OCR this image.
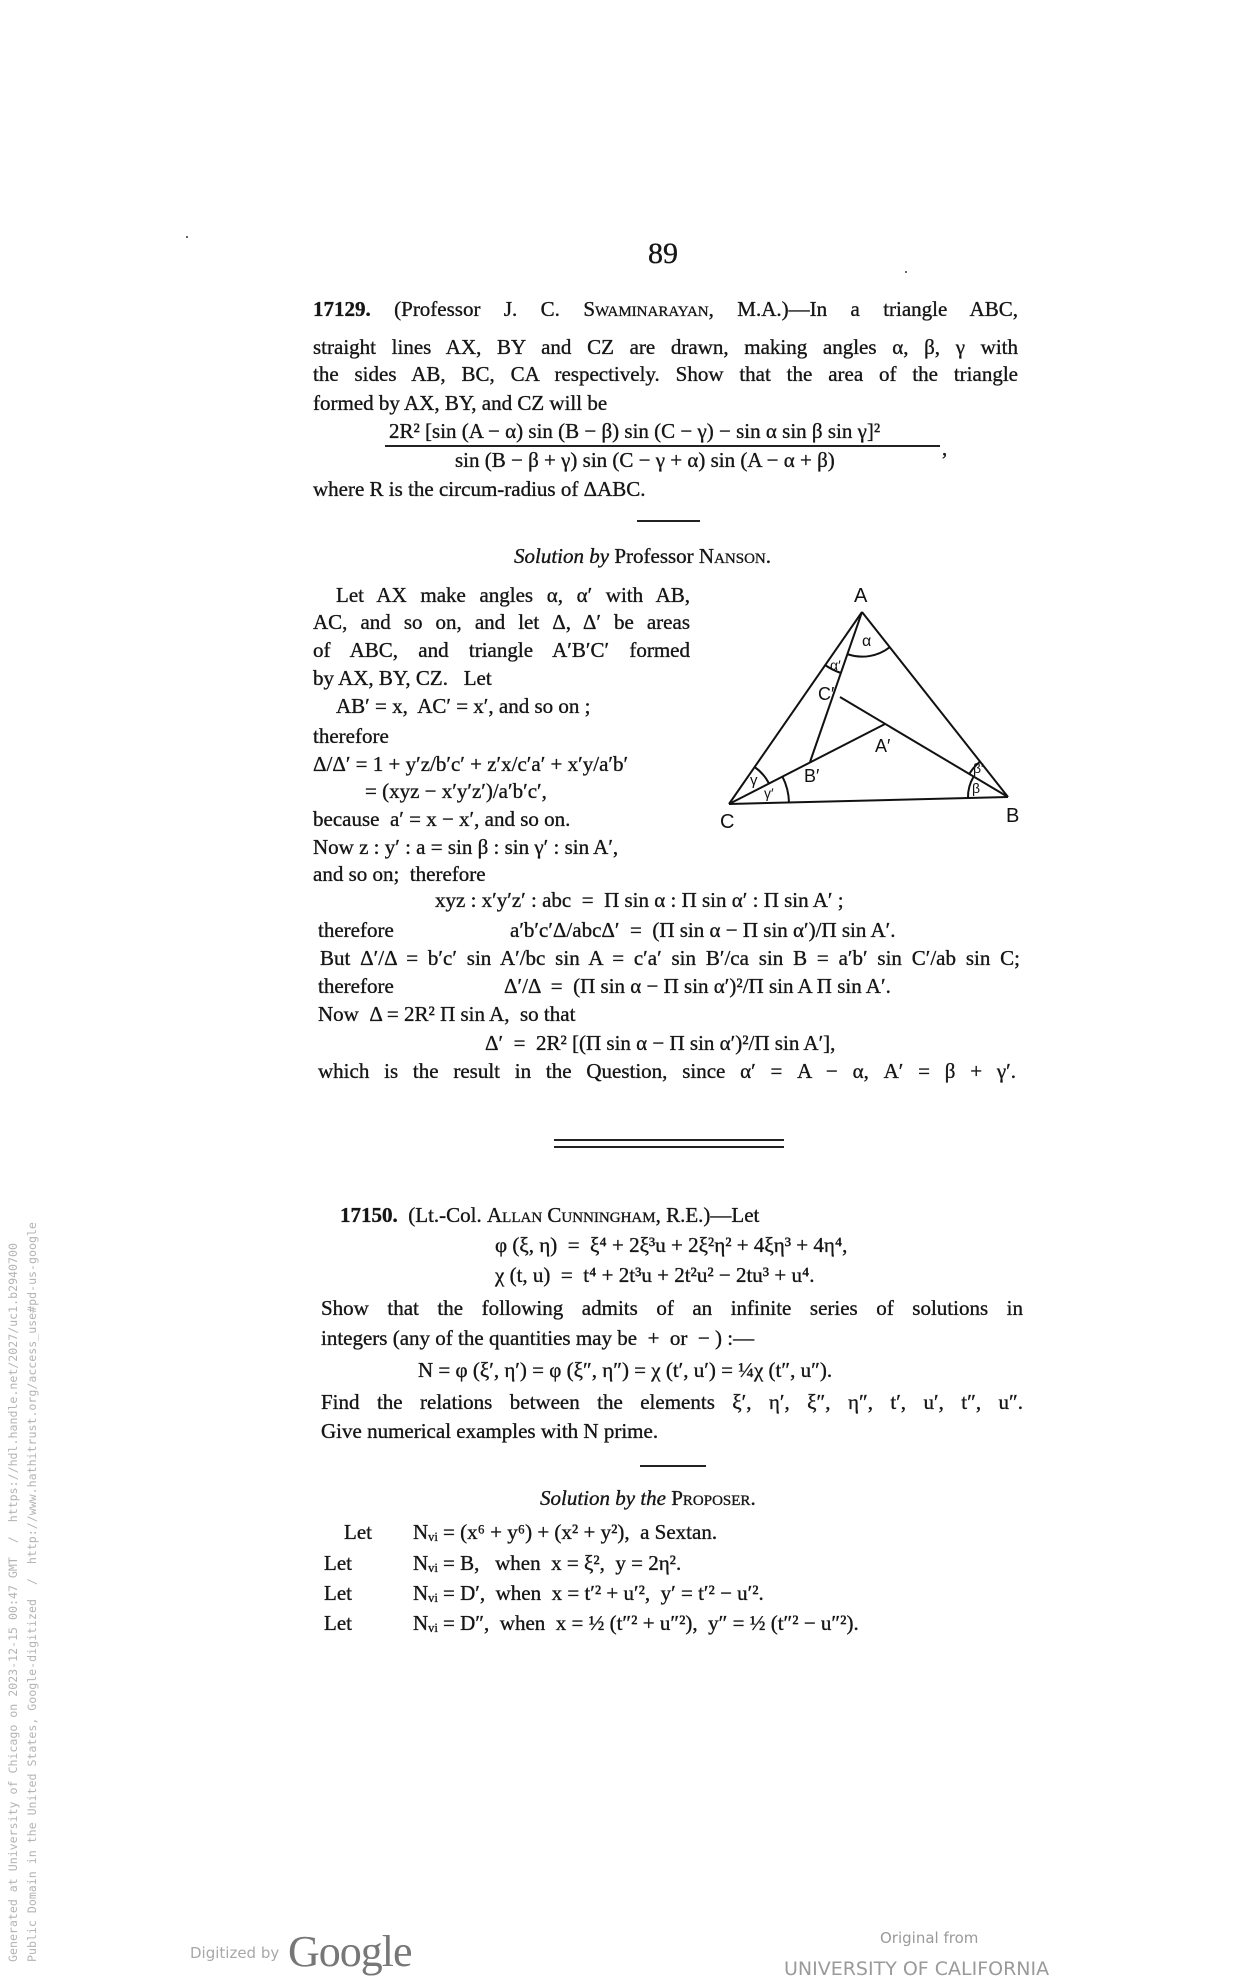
Generated at University of Chicago on 2023-12-15 00:47 GMT  /  https://hdl.handle.net/2027/uc1.b2940700 Public Domain in the United States, Google-digitized  /  http://www.hathitrust.org/access_use#pd-us-google
89
17129. (Professor J. C. Swaminarayan, M.A.)—In a triangle ABC,
straight lines AX, BY and CZ are drawn, making angles α, β, γ with
the sides AB, BC, CA respectively. Show that the area of the triangle
formed by AX, BY, and CZ will be
2R² [sin (A − α) sin (B − β) sin (C − γ) − sin α sin β sin γ]²
,
sin (B − β + γ) sin (C − γ + α) sin (A − α + β)
where R is the circum-radius of ΔABC.
Solution by Professor Nanson.
Let AX make angles α, α′ with AB,
AC, and so on, and let Δ, Δ′ be areas
of ABC, and triangle A′B′C′ formed
by AX, BY, CZ.   Let
AB′ = x,  AC′ = x′, and so on ;
therefore
Δ/Δ′ = 1 + y′z/b′c′ + z′x/c′a′ + x′y/a′b′
= (xyz − x′y′z′)/a′b′c′,
because  a′ = x − x′, and so on.
Now z : y′ : a = sin β : sin γ′ : sin A′,
and so on;  therefore
A
C	B
C′
A′
B′
α
α′
γ
γ′
β′
β
xyz : x′y′z′ : abc  =  Π sin α : Π sin α′ : Π sin A′ ;
therefore	a′b′c′Δ/abcΔ′  =  (Π sin α − Π sin α′)/Π sin A′.
But Δ′/Δ = b′c′ sin A′/bc sin A = c′a′ sin B′/ca sin B = a′b′ sin C′/ab sin C;
therefore	Δ′/Δ  =  (Π sin α − Π sin α′)²/Π sin A Π sin A′.
Now  Δ = 2R² Π sin A,  so that
Δ′  =  2R² [(Π sin α − Π sin α′)²/Π sin A′],
which is the result in the Question, since α′ = A − α, A′ = β + γ′.
17150. (Lt.-Col. Allan Cunningham, R.E.)—Let
φ (ξ, η)  =  ξ⁴ + 2ξ³u + 2ξ²η² + 4ξη³ + 4η⁴,
χ (t, u)  =  t⁴ + 2t³u + 2t²u² − 2tu³ + u⁴.
Show that the following admits of an infinite series of solutions in
integers (any of the quantities may be  +  or  − ) :—
N = φ (ξ′, η′) = φ (ξ″, η″) = χ (t′, u′) = ¼χ (t″, u″).
Find the relations between the elements ξ′, η′, ξ″, η″, t′, u′, t″, u″.
Give numerical examples with N prime.
Solution by the Proposer.
Let Nᵥᵢ = (x⁶ + y⁶) + (x² + y²),  a Sextan.
Let	Nᵥᵢ = B,   when  x = ξ²,  y = 2η².
Let	Nᵥᵢ = D′,  when  x = t′² + u′²,  y′ = t′² − u′².
Let	Nᵥᵢ = D″,  when  x = ½ (t″² + u″²),  y″ = ½ (t″² − u″²).
Digitized by Google	Original from
UNIVERSITY OF CALIFORNIA
